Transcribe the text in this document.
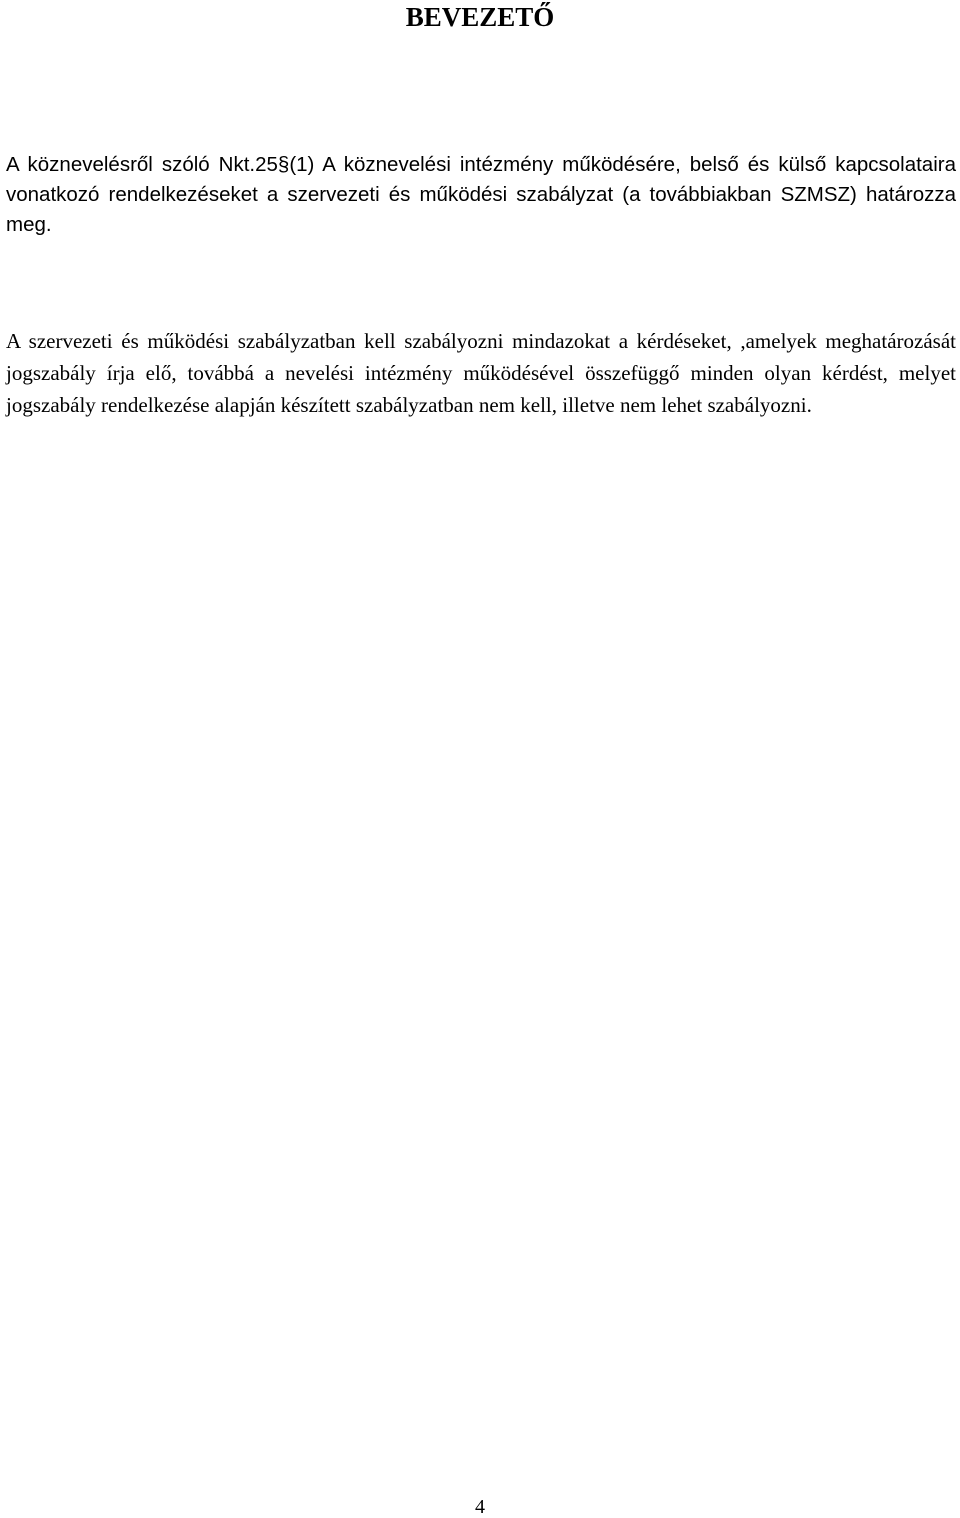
BEVEZETŐ

A köznevelésről szóló Nkt.25§(1) A köznevelési intézmény működésére, belső és külső kapcsolataira vonatkozó rendelkezéseket a szervezeti és működési szabályzat (a továbbiakban SZMSZ) határozza meg.

A szervezeti és működési szabályzatban kell szabályozni mindazokat a kérdéseket, ,amelyek meghatározását jogszabály írja elő, továbbá a nevelési intézmény működésével összefüggő minden olyan kérdést, melyet jogszabály rendelkezése alapján készített szabályzatban nem kell, illetve nem lehet szabályozni.

4
